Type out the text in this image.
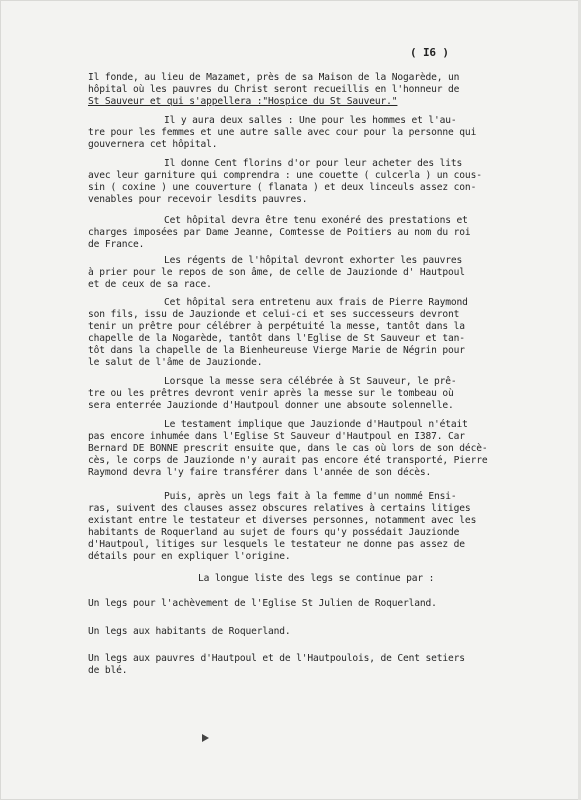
( I6 )
Il fonde, au lieu de Mazamet, près de sa Maison de la Nogarède, un
hôpital où les pauvres du Christ seront recueillis en l'honneur de
St Sauveur et qui s'appellera :"Hospice du St Sauveur."
Il y aura deux salles : Une pour les hommes et l'au-
tre pour les femmes et une autre salle avec cour pour la personne qui
gouvernera cet hôpital.
Il donne Cent florins d'or pour leur acheter des lits
avec leur garniture qui comprendra : une couette ( culcerla ) un cous-
sin ( coxine ) une couverture ( flanata ) et deux linceuls assez con-
venables pour recevoir lesdits pauvres.
Cet hôpital devra être tenu exonéré des prestations et
charges imposées par Dame Jeanne, Comtesse de Poitiers au nom du roi
de France.
Les régents de l'hôpital devront exhorter les pauvres
à prier pour le repos de son âme, de celle de Jauzionde d' Hautpoul
et de ceux de sa race.
Cet hôpital sera entretenu aux frais de Pierre Raymond
son fils, issu de Jauzionde et celui-ci et ses successeurs devront
tenir un prêtre pour célébrer à perpétuité la messe, tantôt dans la
chapelle de la Nogarède, tantôt dans l'Eglise de St Sauveur et tan-
tôt dans la chapelle de la Bienheureuse Vierge Marie de Négrin pour
le salut de l'âme de Jauzionde.
Lorsque la messe sera célébrée à St Sauveur, le prê-
tre ou les prêtres devront venir après la messe sur le tombeau où
sera enterrée Jauzionde d'Hautpoul donner une absoute solennelle.
Le testament implique que Jauzionde d'Hautpoul n'était
pas encore inhumée dans l'Eglise St Sauveur d'Hautpoul en I387. Car
Bernard DE BONNE prescrit ensuite que, dans le cas où lors de son décè-
cès, le corps de Jauzionde n'y aurait pas encore été transporté, Pierre
Raymond devra l'y faire transférer dans l'année de son décès.
Puis, après un legs fait à la femme d'un nommé Ensi-
ras, suivent des clauses assez obscures relatives à certains litiges
existant entre le testateur et diverses personnes, notamment avec les
habitants de Roquerland au sujet de fours qu'y possédait Jauzionde
d'Hautpoul, litiges sur lesquels le testateur ne donne pas assez de
détails pour en expliquer l'origine.
La longue liste des legs se continue par :
Un legs pour l'achèvement de l'Eglise St Julien de Roquerland.
Un legs aux habitants de Roquerland.
Un legs aux pauvres d'Hautpoul et de l'Hautpoulois, de Cent setiers
de blé.
